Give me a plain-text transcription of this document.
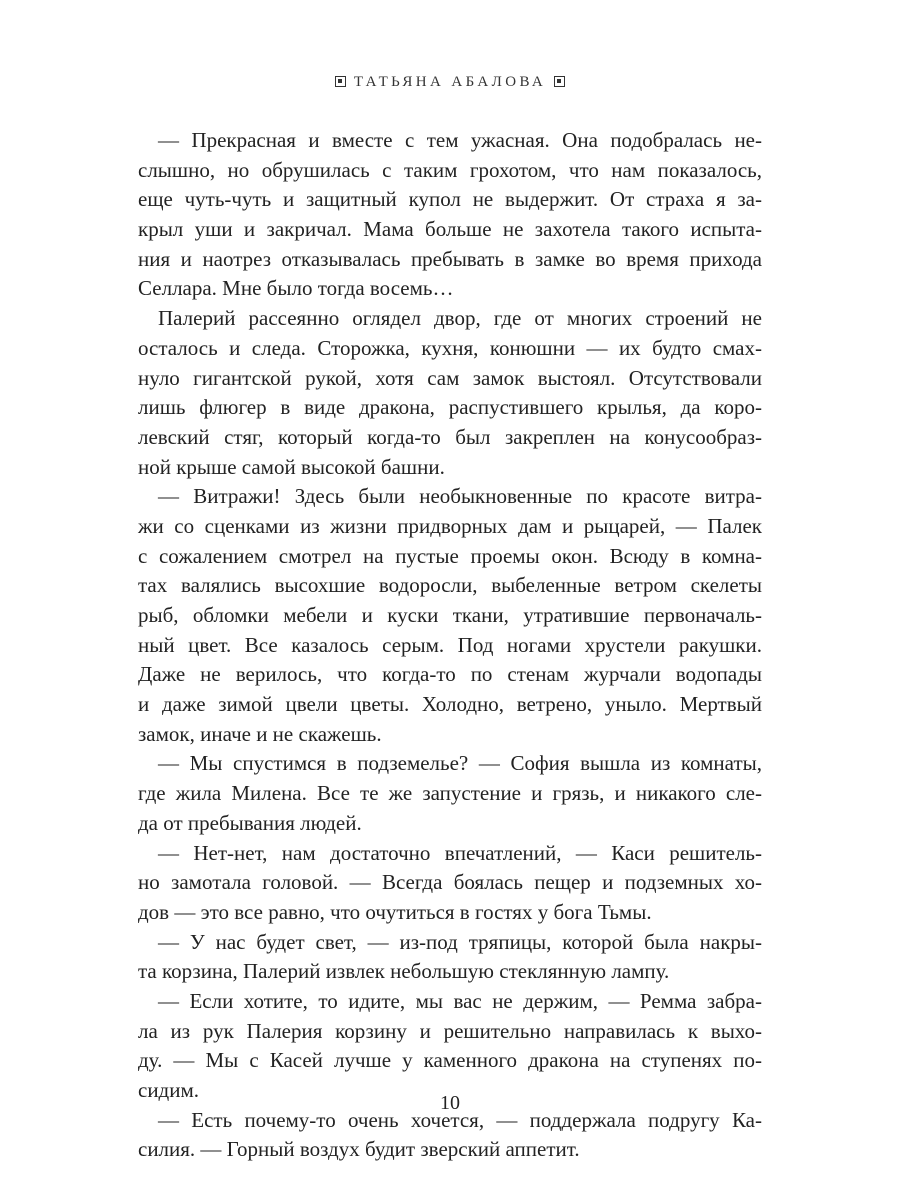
ТАТЬЯНА АБАЛОВА
— Прекрасная и вместе с тем ужасная. Она подобралась не-
слышно, но обрушилась с таким грохотом, что нам показалось,
еще чуть-чуть и защитный купол не выдержит. От страха я за-
крыл уши и закричал. Мама больше не захотела такого испыта-
ния и наотрез отказывалась пребывать в замке во время прихода
Селлара. Мне было тогда восемь…
Палерий рассеянно оглядел двор, где от многих строений не
осталось и следа. Сторожка, кухня, конюшни — их будто смах-
нуло гигантской рукой, хотя сам замок выстоял. Отсутствовали
лишь флюгер в виде дракона, распустившего крылья, да коро-
левский стяг, который когда-то был закреплен на конусообраз-
ной крыше самой высокой башни.
— Витражи! Здесь были необыкновенные по красоте витра-
жи со сценками из жизни придворных дам и рыцарей, — Палек
с сожалением смотрел на пустые проемы окон. Всюду в комна-
тах валялись высохшие водоросли, выбеленные ветром скелеты
рыб, обломки мебели и куски ткани, утратившие первоначаль-
ный цвет. Все казалось серым. Под ногами хрустели ракушки.
Даже не верилось, что когда-то по стенам журчали водопады
и даже зимой цвели цветы. Холодно, ветрено, уныло. Мертвый
замок, иначе и не скажешь.
— Мы спустимся в подземелье? — София вышла из комнаты,
где жила Милена. Все те же запустение и грязь, и никакого сле-
да от пребывания людей.
— Нет-нет, нам достаточно впечатлений, — Каси решитель-
но замотала головой. — Всегда боялась пещер и подземных хо-
дов — это все равно, что очутиться в гостях у бога Тьмы.
— У нас будет свет, — из-под тряпицы, которой была накры-
та корзина, Палерий извлек небольшую стеклянную лампу.
— Если хотите, то идите, мы вас не держим, — Ремма забра-
ла из рук Палерия корзину и решительно направилась к выхо-
ду. — Мы с Касей лучше у каменного дракона на ступенях по-
сидим.
— Есть почему-то очень хочется, — поддержала подругу Ка-
силия. — Горный воздух будит зверский аппетит.
10
